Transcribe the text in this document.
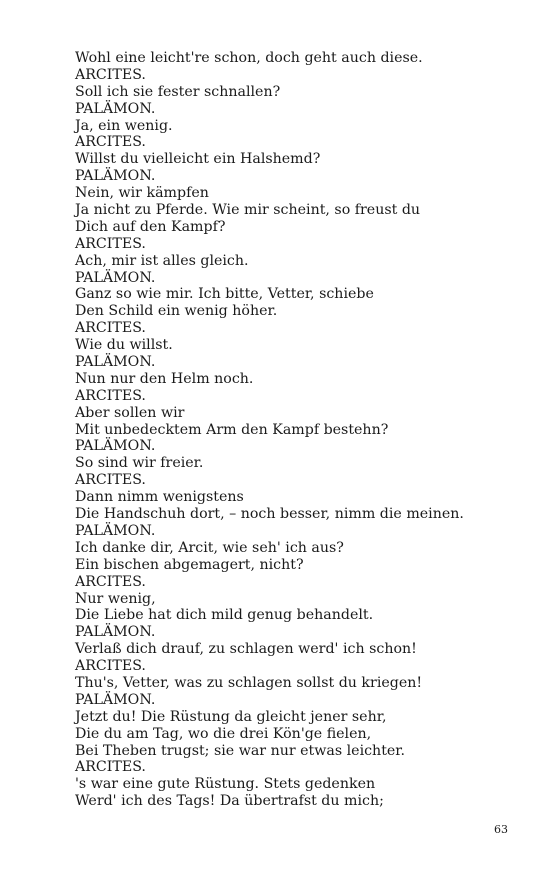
Wohl eine leicht're schon, doch geht auch diese.
ARCITES.
Soll ich sie fester schnallen?
PALÄMON.
Ja, ein wenig.
ARCITES.
Willst du vielleicht ein Halshemd?
PALÄMON.
Nein, wir kämpfen
Ja nicht zu Pferde. Wie mir scheint, so freust du
Dich auf den Kampf?
ARCITES.
Ach, mir ist alles gleich.
PALÄMON.
Ganz so wie mir. Ich bitte, Vetter, schiebe
Den Schild ein wenig höher.
ARCITES.
Wie du willst.
PALÄMON.
Nun nur den Helm noch.
ARCITES.
Aber sollen wir
Mit unbedecktem Arm den Kampf bestehn?
PALÄMON.
So sind wir freier.
ARCITES.
Dann nimm wenigstens
Die Handschuh dort, – noch besser, nimm die meinen.
PALÄMON.
Ich danke dir, Arcit, wie seh' ich aus?
Ein bischen abgemagert, nicht?
ARCITES.
Nur wenig,
Die Liebe hat dich mild genug behandelt.
PALÄMON.
Verlaß dich drauf, zu schlagen werd' ich schon!
ARCITES.
Thu's, Vetter, was zu schlagen sollst du kriegen!
PALÄMON.
Jetzt du! Die Rüstung da gleicht jener sehr,
Die du am Tag, wo die drei Kön'ge fielen,
Bei Theben trugst; sie war nur etwas leichter.
ARCITES.
's war eine gute Rüstung. Stets gedenken
Werd' ich des Tags! Da übertrafst du mich;
63
